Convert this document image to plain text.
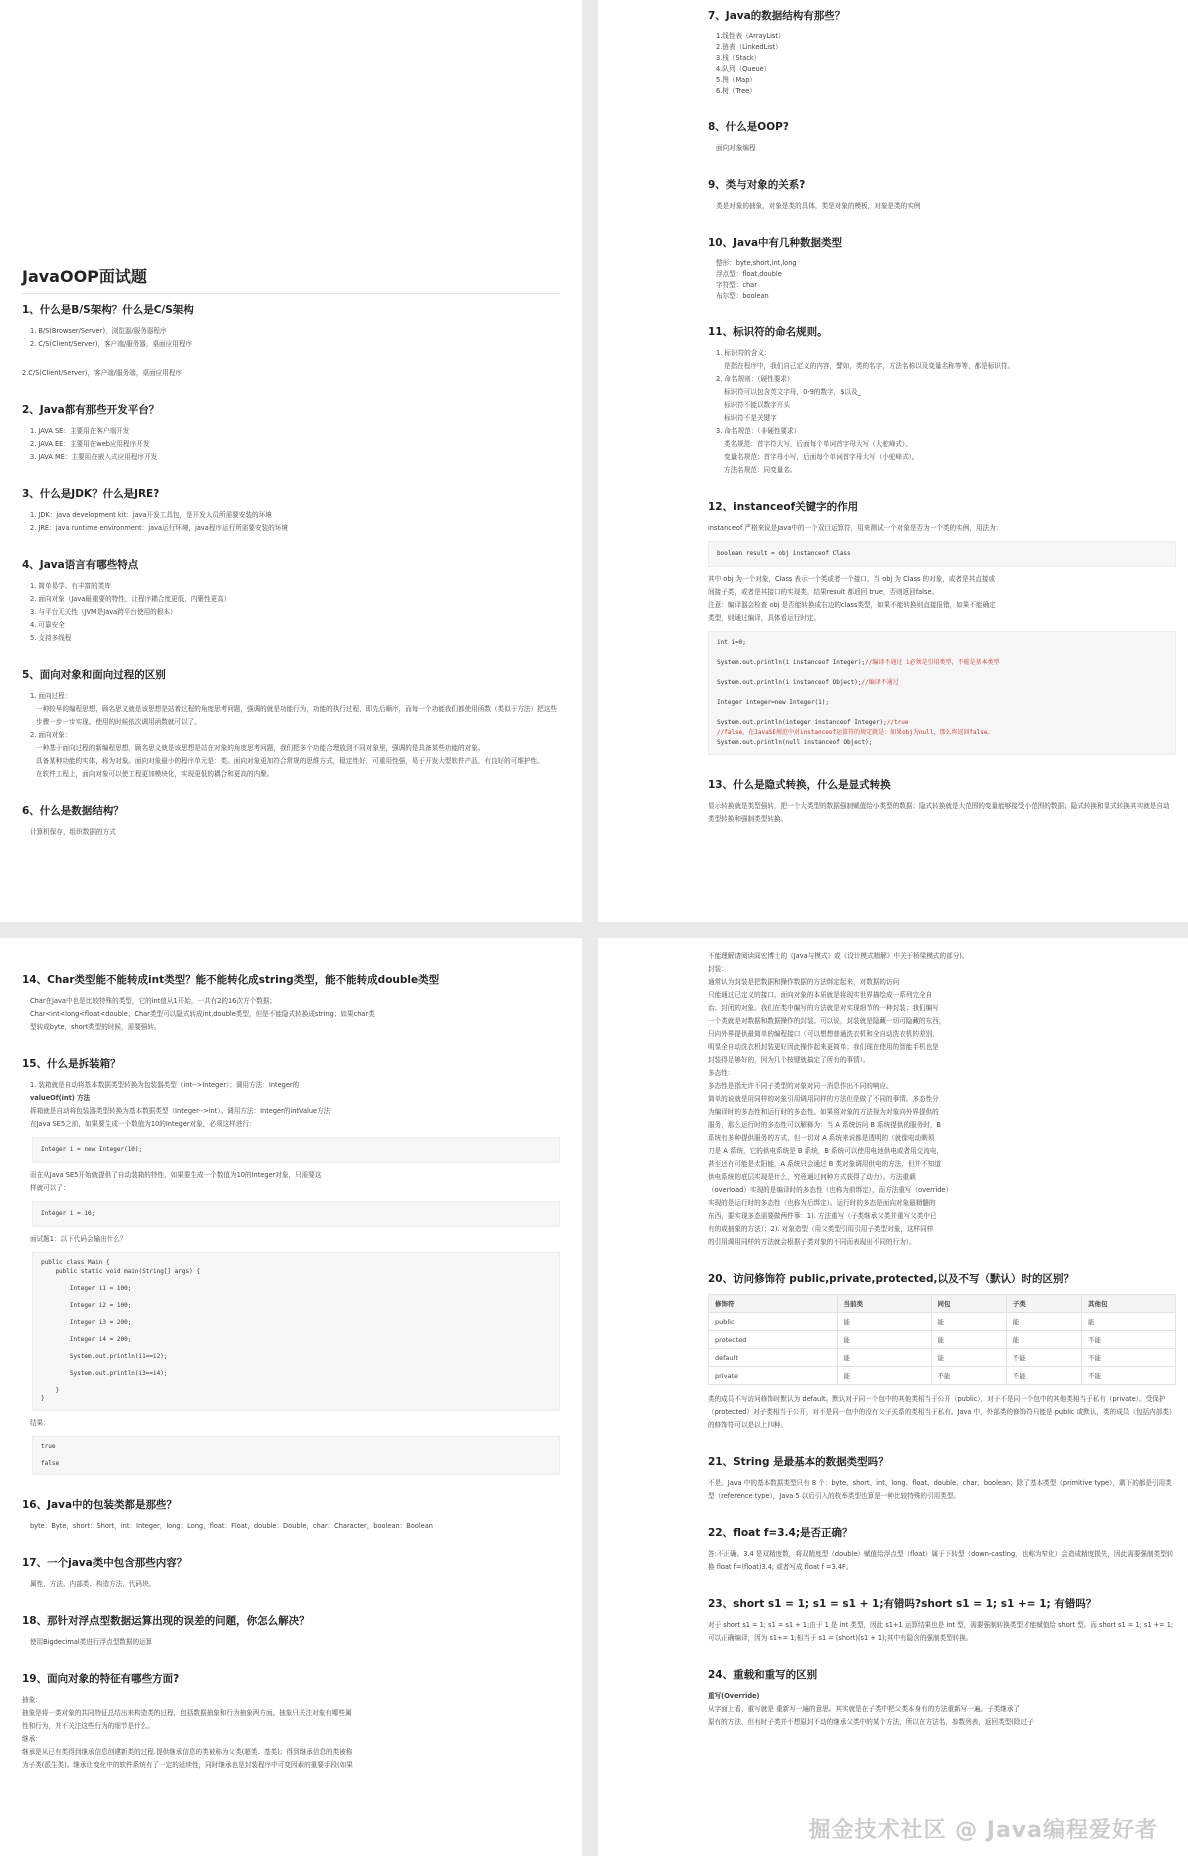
JavaOOP面试题
1、什么是B/S架构？什么是C/S架构

1. B/S(Browser/Server)，浏览器/服务器程序

2. C/S(Client/Server)，客户端/服务器，桌面应用程序

2.C/S(Client/Server)，客户端/服务端，桌面应用程序

2、Java都有那些开发平台？

1. JAVA SE：主要用在客户端开发

2. JAVA EE：主要用在web应用程序开发

3. JAVA ME：主要用在嵌入式应用程序开发

3、什么是JDK？什么是JRE?

1. JDK：java development kit：java开发工具包，是开发人员所需要安装的环境

2. JRE：java runtime environment：java运行环境，java程序运行所需要安装的环境

4、Java语言有哪些特点

1. 简单易学、有丰富的类库

2. 面向对象（Java最重要的特性，让程序耦合度更低，内聚性更高）

3. 与平台无关性（JVM是Java跨平台使用的根本）

4. 可靠安全

5. 支持多线程

5、面向对象和面向过程的区别

1. 面向过程：

一种较早的编程思想，顾名思义就是该思想是站着过程的角度思考问题，强调的就是功能行为，功能的执行过程，即先后顺序，而每一个功能我们都使用函数（类似于方法）把这些步骤一步一步实现。使用的时候依次调用函数就可以了。

2. 面向对象：

一种基于面向过程的新编程思想，顾名思义就是该思想是站在对象的角度思考问题，我们把多个功能合理放到不同对象里，强调的是具备某些功能的对象。

具备某种功能的实体，称为对象。面向对象最小的程序单元是：类。面向对象更加符合常规的思维方式，稳定性好，可重用性强，易于开发大型软件产品，有良好的可维护性。

在软件工程上，面向对象可以使工程更加模块化，实现更低的耦合和更高的内聚。

6、什么是数据结构？

计算机保存，组织数据的方式

7、Java的数据结构有那些？

1.线性表（ArrayList）

2.链表（LinkedList）

3.栈（Stack）

4.队列（Queue）

5.图（Map）

6.树（Tree）

8、什么是OOP?

面向对象编程

9、类与对象的关系?

类是对象的抽象，对象是类的具体，类是对象的模板，对象是类的实例

10、Java中有几种数据类型

整形：byte,short,int,long

浮点型：float,double

字符型：char

布尔型：boolean

11、标识符的命名规则。

1. 标识符的含义：

是指在程序中，我们自己定义的内容，譬如，类的名字，方法名称以及变量名称等等，都是标识符。

2. 命名规则：（硬性要求）

标识符可以包含英文字母，0-9的数字，$以及_

标识符不能以数字开头

标识符不是关键字

3. 命名规范：（非硬性要求）

类名规范：首字符大写，后面每个单词首字母大写（大驼峰式）。

变量名规范：首字母小写，后面每个单词首字母大写（小驼峰式）。

方法名规范：同变量名。

12、instanceof关键字的作用

instanceof 严格来说是Java中的一个双目运算符，用来测试一个对象是否为一个类的实例，用法为：

boolean result = obj instanceof Class

其中 obj 为一个对象，Class 表示一个类或者一个接口，当 obj 为 Class 的对象，或者是其直接或

间接子类，或者是其接口的实现类，结果result 都返回 true，否则返回false。

注意：编译器会检查 obj 是否能转换成右边的class类型，如果不能转换则直接报错，如果不能确定

类型，则通过编译，具体看运行时定。

int i=0;

System.out.println(i instanceof Integer);//编译不通过 i必须是引用类型，不能是基本类型

System.out.println(i instanceof Object);//编译不通过

Integer integer=new Integer(1);

System.out.println(integer instanceof Integer);//true
//false，在JavaSE规范中对instanceof运算符的规定就是：如果obj为null，那么将返回false。
System.out.println(null instanceof Object);
13、什么是隐式转换，什么是显式转换

显示转换就是类型强转，把一个大类型的数据强制赋值给小类型的数据；隐式转换就是大范围的变量能够接受小范围的数据；隐式转换和显式转换其实就是自动类型转换和强制类型转换。

14、Char类型能不能转成int类型？能不能转化成string类型，能不能转成double类型

Char在java中也是比较特殊的类型，它的int值从1开始，一共有2的16次方个数据；

Char<int<long<float<double；Char类型可以隐式转成int,double类型，但是不能隐式转换成string；如果char类

型转成byte，short类型的时候，需要强转。

15、什么是拆装箱？

1. 装箱就是自动将基本数据类型转换为包装器类型（int-->Integer）；调用方法：Integer的

valueOf(int) 方法

拆箱就是自动将包装器类型转换为基本数据类型（Integer-->int）。调用方法：Integer的intValue方法

在Java SE5之前，如果要生成一个数值为10的Integer对象，必须这样进行：

Integer i = new Integer(10);

而在从Java SE5开始就提供了自动装箱的特性，如果要生成一个数值为10的Integer对象，只需要这

样就可以了：

Integer i = 10;

面试题1：以下代码会输出什么？

public class Main {
public static void main(String[] args) {

Integer i1 = 100;

Integer i2 = 100;

Integer i3 = 200;

Integer i4 = 200;

System.out.println(i1==i2);

System.out.println(i3==i4);

}
}

结果：

true

false
16、Java中的包装类都是那些？

byte：Byte，short：Short，int：Integer，long：Long，float：Float，double：Double，char：Character，boolean：Boolean

17、一个java类中包含那些内容？

属性、方法、内部类、构造方法、代码块。

18、那针对浮点型数据运算出现的误差的问题，你怎么解决？

使用Bigdecimal类进行浮点型数据的运算

19、面向对象的特征有哪些方面?

抽象：

抽象是将一类对象的共同特征总结出来构造类的过程，包括数据抽象和行为抽象两方面。抽象只关注对象有哪些属

性和行为，并不关注这些行为的细节是什么。

继承：

继承是从已有类得到继承信息创建新类的过程.提供继承信息的类被称为父类(超类、基类)；得到继承信息的类被称

为子类(派生类)。继承让变化中的软件系统有了一定的延续性，同时继承也是封装程序中可变因素的重要手段(如果

不能理解请阅读阎宏博士的《Java与模式》或《设计模式精解》中关于桥梁模式的部分)。

封装：

通常认为封装是把数据和操作数据的方法绑定起来，对数据的访问

只能通过已定义的接口。面向对象的本质就是将现实世界描绘成一系列完全自

治、封闭的对象。我们在类中编写的方法就是对实现细节的一种封装；我们编写

一个类就是对数据和数据操作的封装。可以说，封装就是隐藏一切可隐藏的东西，

只向外界提供最简单的编程接口（可以想想普通洗衣机和全自动洗衣机的差别，

明显全自动洗衣机封装更好因此操作起来更简单；我们现在使用的智能手机也是

封装得足够好的，因为几个按键就搞定了所有的事情）。

多态性：

多态性是指允许不同子类型的对象对同一消息作出不同的响应。

简单的说就是用同样的对象引用调用同样的方法但是做了不同的事情。多态性分

为编译时的多态性和运行时的多态性。如果将对象的方法视为对象向外界提供的

服务，那么运行时的多态性可以解释为：当 A 系统访问 B 系统提供的服务时，B

系统有多种提供服务的方式，但一切对 A 系统来说都是透明的（就像电动剃须

刀是 A 系统，它的供电系统是 B 系统，B 系统可以使用电池供电或者用交流电，

甚至还有可能是太阳能，A 系统只会通过 B 类对象调用供电的方法，但并不知道

供电系统的底层实现是什么，究竟通过何种方式获得了动力）。方法重载

（overload）实现的是编译时的多态性（也称为前绑定），而方法重写（override）

实现的是运行时的多态性（也称为后绑定）。运行时的多态是面向对象最精髓的

东西，要实现多态需要做两件事：1). 方法重写（子类继承父类并重写父类中已

有的或抽象的方法）；2). 对象造型（用父类型引用引用子类型对象，这样同样

的引用调用同样的方法就会根据子类对象的不同而表现出不同的行为）。

20、访问修饰符 public,private,protected,以及不写（默认）时的区别？
修饰符	当前类	同包	子类	其他包
public	能	能	能	能
protected	能	能	能	不能
default	能	能	不能	不能
private	能	不能	不能	不能

类的成员不写访问修饰时默认为 default。默认对于同一个包中的其他类相当于公开（public），对于不是同一个包中的其他类相当于私有（private）。受保护（protected）对子类相当于公开，对不是同一包中的没有父子关系的类相当于私有。Java 中，外部类的修饰符只能是 public 或默认，类的成员（包括内部类）的修饰符可以是以上四种。

21、String 是最基本的数据类型吗？

不是。Java 中的基本数据类型只有 8 个：byte、short、int、long、float、double、char、boolean；除了基本类型（primitive type），剩下的都是引用类型（reference type），Java 5 以后引入的枚举类型也算是一种比较特殊的引用类型。

22、float f=3.4;是否正确？

答:不正确。3.4 是双精度数，将双精度型（double）赋值给浮点型（float）属于下转型（down-casting，也称为窄化）会造成精度损失，因此需要强制类型转换 float f=(float)3.4; 或者写成 float f =3.4F。

23、short s1 = 1; s1 = s1 + 1;有错吗?short s1 = 1; s1 += 1; 有错吗？

对于 short s1 = 1; s1 = s1 + 1;由于 1 是 int 类型，因此 s1+1 运算结果也是 int 型，需要强制转换类型才能赋值给 short 型。而 short s1 = 1; s1 += 1;可以正确编译，因为 s1+= 1;相当于 s1 = (short)(s1 + 1);其中有隐含的强制类型转换。

24、重载和重写的区别

重写(Override)

从字面上看，重写就是 重新写一遍的意思。其实就是在子类中把父类本身有的方法重新写一遍。子类继承了

原有的方法，但有时子类并不想原封不动的继承父类中的某个方法，所以在方法名，参数列表，返回类型(除过子

掘金技术社区 @ Java编程爱好者
